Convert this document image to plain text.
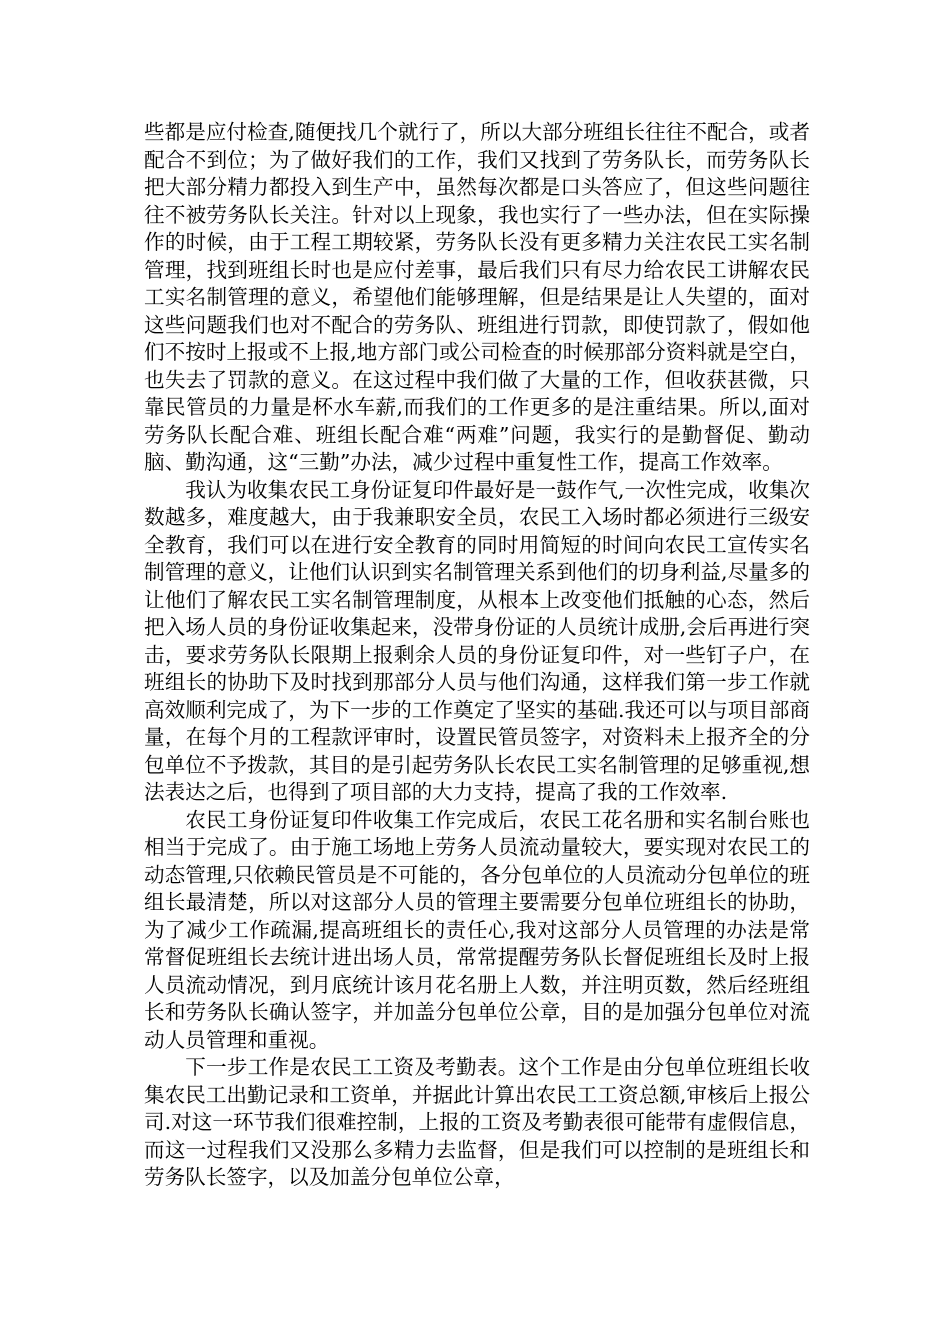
些都是应付检查,随便找几个就行了，所以大部分班组长往往不配合，或者配合不到位；为了做好我们的工作，我们又找到了劳务队长，而劳务队长把大部分精力都投入到生产中，虽然每次都是口头答应了，但这些问题往往不被劳务队长关注。针对以上现象，我也实行了一些办法，但在实际操作的时候，由于工程工期较紧，劳务队长没有更多精力关注农民工实名制管理，找到班组长时也是应付差事，最后我们只有尽力给农民工讲解农民工实名制管理的意义，希望他们能够理解，但是结果是让人失望的，面对这些问题我们也对不配合的劳务队、班组进行罚款，即使罚款了，假如他们不按时上报或不上报,地方部门或公司检查的时候那部分资料就是空白，也失去了罚款的意义。在这过程中我们做了大量的工作，但收获甚微，只靠民管员的力量是杯水车薪,而我们的工作更多的是注重结果。所以,面对劳务队长配合难、班组长配合难“两难”问题，我实行的是勤督促、勤动脑、勤沟通，这“三勤”办法，减少过程中重复性工作，提高工作效率。

我认为收集农民工身份证复印件最好是一鼓作气,一次性完成，收集次数越多，难度越大，由于我兼职安全员，农民工入场时都必须进行三级安全教育，我们可以在进行安全教育的同时用简短的时间向农民工宣传实名制管理的意义，让他们认识到实名制管理关系到他们的切身利益,尽量多的让他们了解农民工实名制管理制度，从根本上改变他们抵触的心态，然后把入场人员的身份证收集起来，没带身份证的人员统计成册,会后再进行突击，要求劳务队长限期上报剩余人员的身份证复印件，对一些钉子户，在班组长的协助下及时找到那部分人员与他们沟通，这样我们第一步工作就高效顺利完成了，为下一步的工作奠定了坚实的基础.我还可以与项目部商量，在每个月的工程款评审时，设置民管员签字，对资料未上报齐全的分包单位不予拨款，其目的是引起劳务队长农民工实名制管理的足够重视,想法表达之后，也得到了项目部的大力支持，提高了我的工作效率.

农民工身份证复印件收集工作完成后，农民工花名册和实名制台账也相当于完成了。由于施工场地上劳务人员流动量较大，要实现对农民工的动态管理,只依赖民管员是不可能的，各分包单位的人员流动分包单位的班组长最清楚，所以对这部分人员的管理主要需要分包单位班组长的协助，为了减少工作疏漏,提高班组长的责任心,我对这部分人员管理的办法是常常督促班组长去统计进出场人员，常常提醒劳务队长督促班组长及时上报人员流动情况，到月底统计该月花名册上人数，并注明页数，然后经班组长和劳务队长确认签字，并加盖分包单位公章，目的是加强分包单位对流动人员管理和重视。

下一步工作是农民工工资及考勤表。这个工作是由分包单位班组长收集农民工出勤记录和工资单，并据此计算出农民工工资总额,审核后上报公司.对这一环节我们很难控制，上报的工资及考勤表很可能带有虚假信息，而这一过程我们又没那么多精力去监督，但是我们可以控制的是班组长和劳务队长签字，以及加盖分包单位公章，
